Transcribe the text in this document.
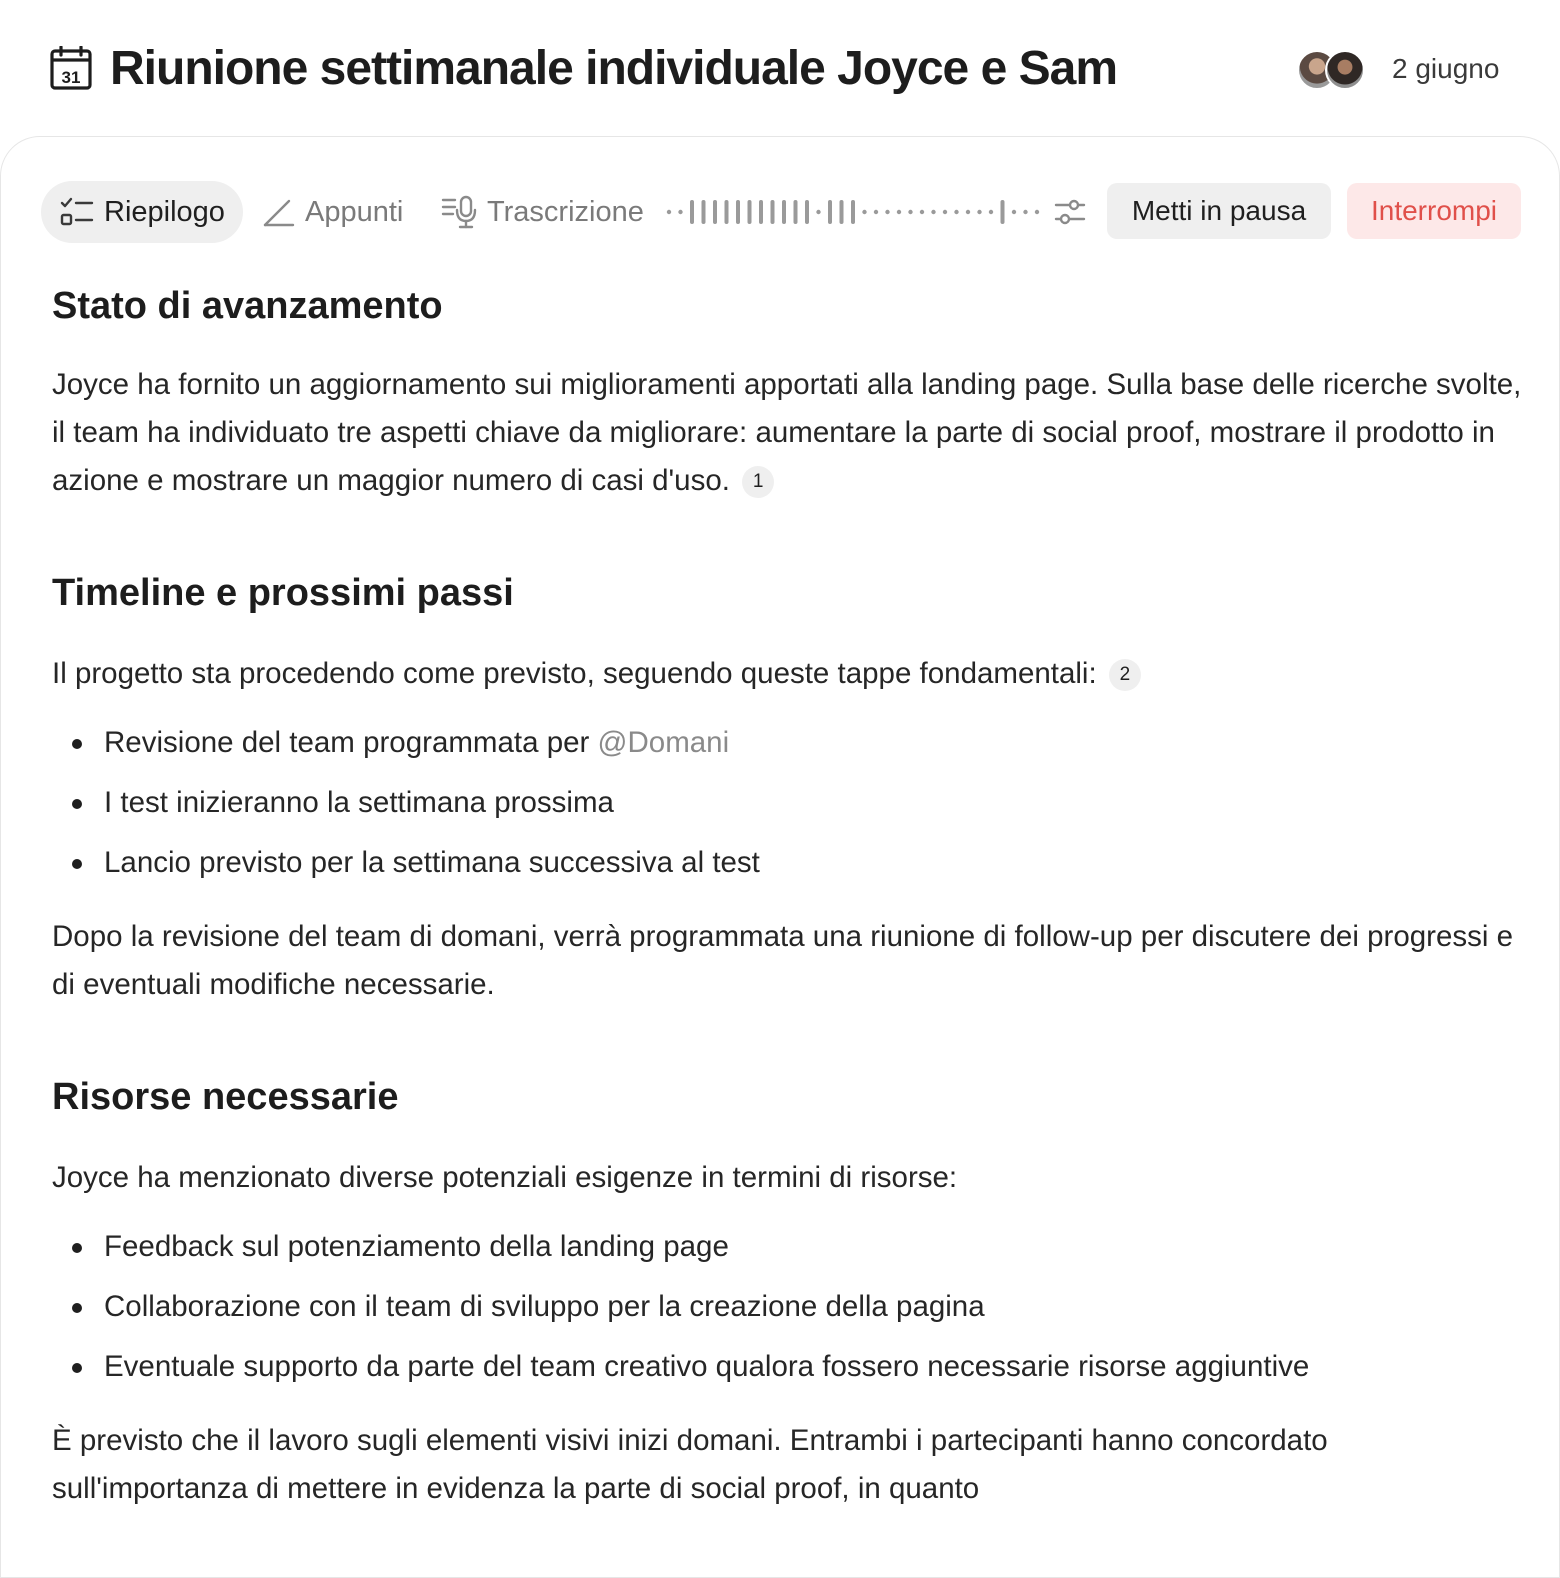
31 Riunione settimanale individuale Joyce e Sam	2 giugno
Riepilogo	Appunti	Trascrizione	Metti in pausa	Interrompi
Stato di avanzamento

Joyce ha fornito un aggiornamento sui miglioramenti apportati alla landing page. Sulla base delle ricerche svolte, il team ha individuato tre aspetti chiave da migliorare: aumentare la parte di social proof, mostrare il prodotto in azione e mostrare un maggior numero di casi d'uso. 1

Timeline e prossimi passi

Il progetto sta procedendo come previsto, seguendo queste tappe fondamentali: 2

Revisione del team programmata per @Domani
I test inizieranno la settimana prossima
Lancio previsto per la settimana successiva al test

Dopo la revisione del team di domani, verrà programmata una riunione di follow-up per discutere dei progressi e di eventuali modifiche necessarie.

Risorse necessarie

Joyce ha menzionato diverse potenziali esigenze in termini di risorse:

Feedback sul potenziamento della landing page
Collaborazione con il team di sviluppo per la creazione della pagina
Eventuale supporto da parte del team creativo qualora fossero necessarie risorse aggiuntive

È previsto che il lavoro sugli elementi visivi inizi domani. Entrambi i partecipanti hanno concordato sull'importanza di mettere in evidenza la parte di social proof, in quanto
